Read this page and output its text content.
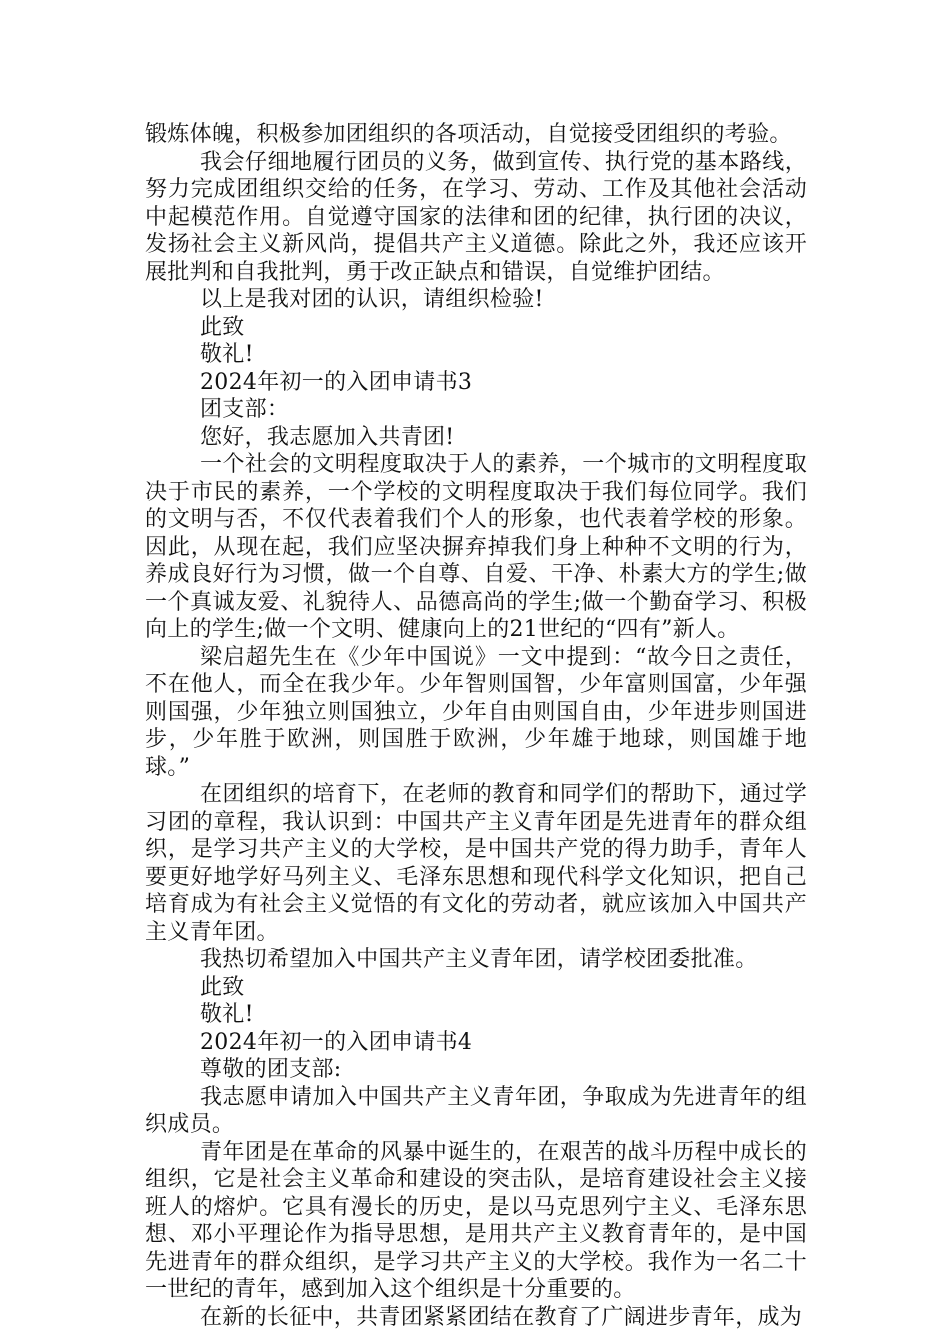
锻炼体魄，积极参加团组织的各项活动，自觉接受团组织的考验。

我会仔细地履行团员的义务，做到宣传、执行党的基本路线，努力完成团组织交给的任务，在学习、劳动、工作及其他社会活动中起模范作用。自觉遵守国家的法律和团的纪律，执行团的决议，发扬社会主义新风尚，提倡共产主义道德。除此之外，我还应该开展批判和自我批判，勇于改正缺点和错误，自觉维护团结。

以上是我对团的认识，请组织检验!

此致

敬礼!

2024年初一的入团申请书3

团支部：

您好，我志愿加入共青团!

一个社会的文明程度取决于人的素养，一个城市的文明程度取决于市民的素养，一个学校的文明程度取决于我们每位同学。我们的文明与否，不仅代表着我们个人的形象，也代表着学校的形象。因此，从现在起，我们应坚决摒弃掉我们身上种种不文明的行为，养成良好行为习惯，做一个自尊、自爱、干净、朴素大方的学生;做一个真诚友爱、礼貌待人、品德高尚的学生;做一个勤奋学习、积极向上的学生;做一个文明、健康向上的21世纪的“四有”新人。

梁启超先生在《少年中国说》一文中提到：“故今日之责任，不在他人，而全在我少年。少年智则国智，少年富则国富，少年强则国强，少年独立则国独立，少年自由则国自由，少年进步则国进步，少年胜于欧洲，则国胜于欧洲，少年雄于地球，则国雄于地球。”

在团组织的培育下，在老师的教育和同学们的帮助下，通过学习团的章程，我认识到：中国共产主义青年团是先进青年的群众组织，是学习共产主义的大学校，是中国共产党的得力助手，青年人要更好地学好马列主义、毛泽东思想和现代科学文化知识，把自己培育成为有社会主义觉悟的有文化的劳动者，就应该加入中国共产主义青年团。

我热切希望加入中国共产主义青年团，请学校团委批准。

此致

敬礼!

2024年初一的入团申请书4

尊敬的团支部:

我志愿申请加入中国共产主义青年团，争取成为先进青年的组织成员。

青年团是在革命的风暴中诞生的，在艰苦的战斗历程中成长的组织，它是社会主义革命和建设的突击队，是培育建设社会主义接班人的熔炉。它具有漫长的历史，是以马克思列宁主义、毛泽东思想、邓小平理论作为指导思想，是用共产主义教育青年的，是中国先进青年的群众组织，是学习共产主义的大学校。我作为一名二十一世纪的青年，感到加入这个组织是十分重要的。

在新的长征中，共青团紧紧团结在教育了广阔进步青年，成为
